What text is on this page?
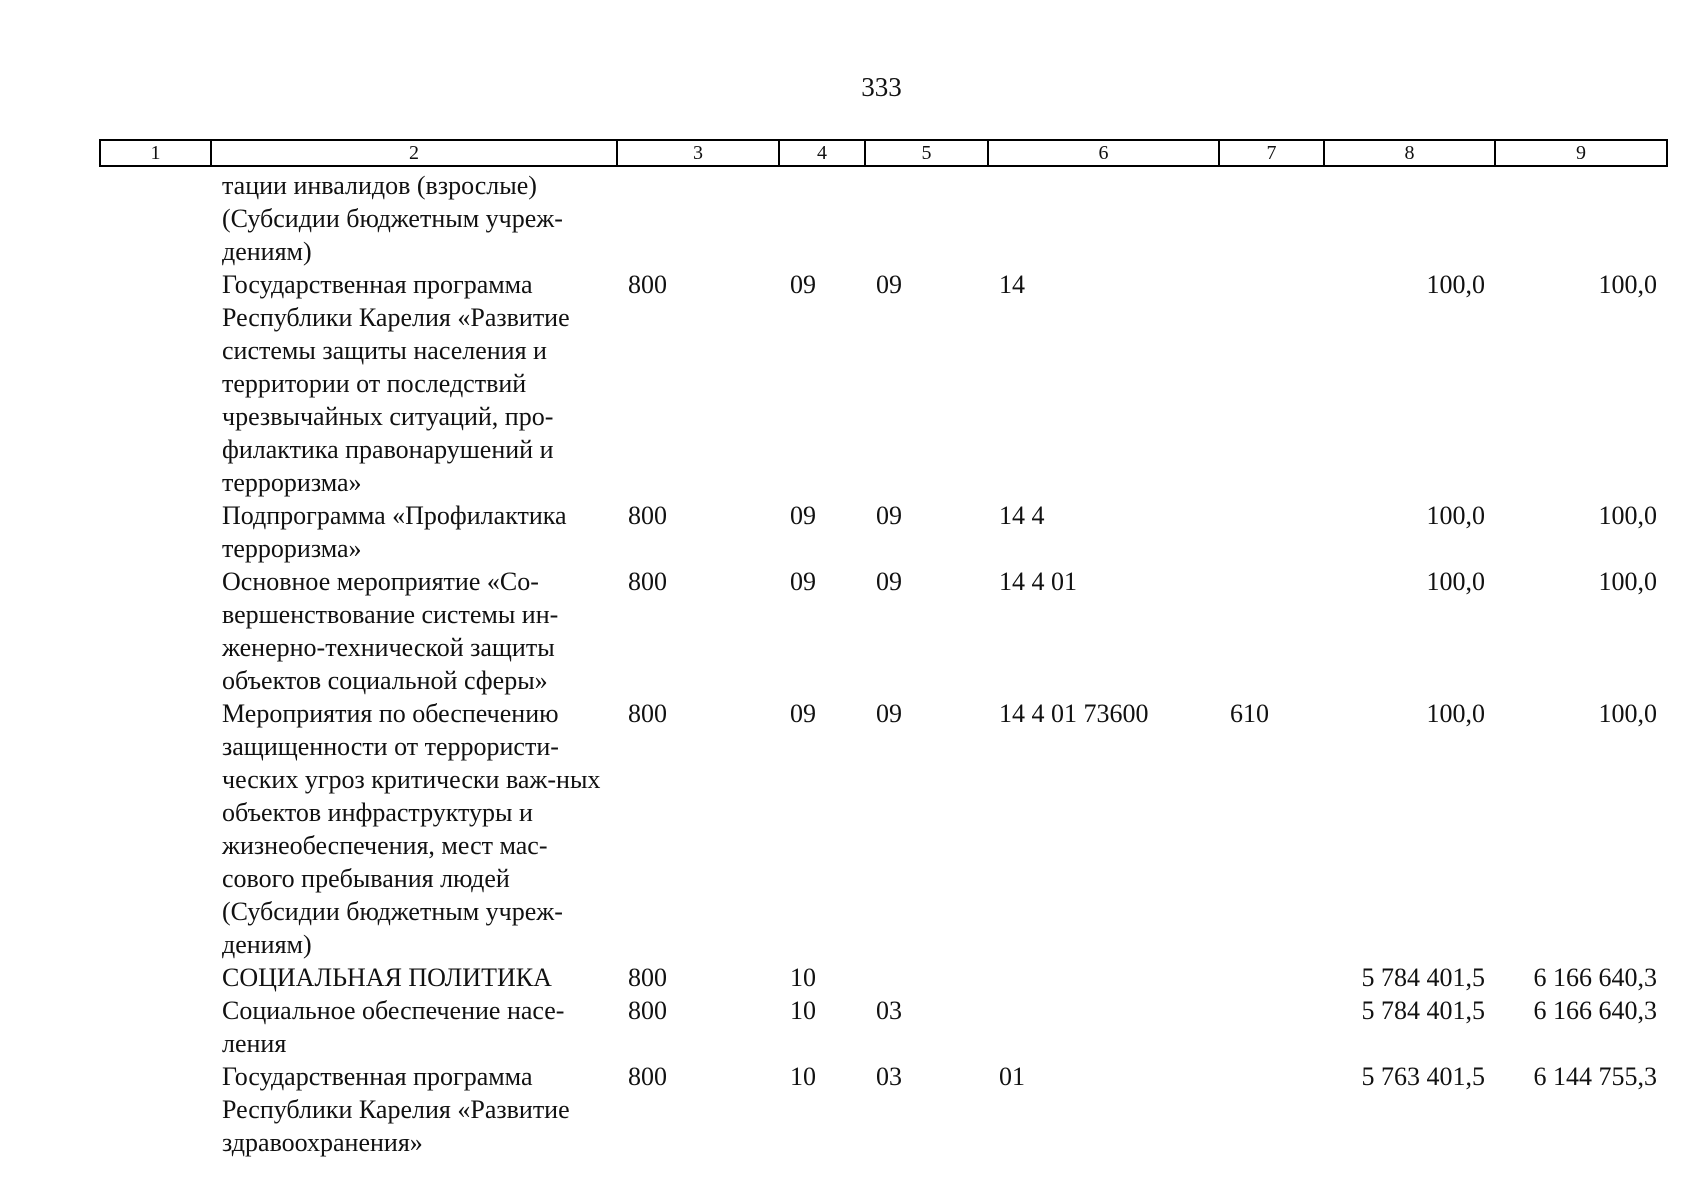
333
1	2	3	4	5	6	7	8	9
	тации инвалидов (взрослые) (Субсидии бюджетным учреж-дениям)							
	Государственная программа Республики Карелия «Развитие системы защиты населения и территории от последствий чрезвычайных ситуаций, про-филактика правонарушений и терроризма»	800	09	09	14		100,0	100,0
	Подпрограмма «Профилактика терроризма»	800	09	09	14 4		100,0	100,0
	Основное мероприятие «Со-вершенствование системы ин-женерно-технической защиты объектов социальной сферы»	800	09	09	14 4 01		100,0	100,0
	Мероприятия по обеспечению защищенности от террористи-ческих угроз критически важ-ных объектов инфраструктуры и жизнеобеспечения, мест мас-сового пребывания людей (Субсидии бюджетным учреж-дениям)	800	09	09	14 4 01 73600	610	100,0	100,0
	СОЦИАЛЬНАЯ ПОЛИТИКА	800	10				5 784 401,5	6 166 640,3
	Социальное обеспечение насе-ления	800	10	03			5 784 401,5	6 166 640,3
	Государственная программа Республики Карелия «Развитие здравоохранения»	800	10	03	01		5 763 401,5	6 144 755,3
